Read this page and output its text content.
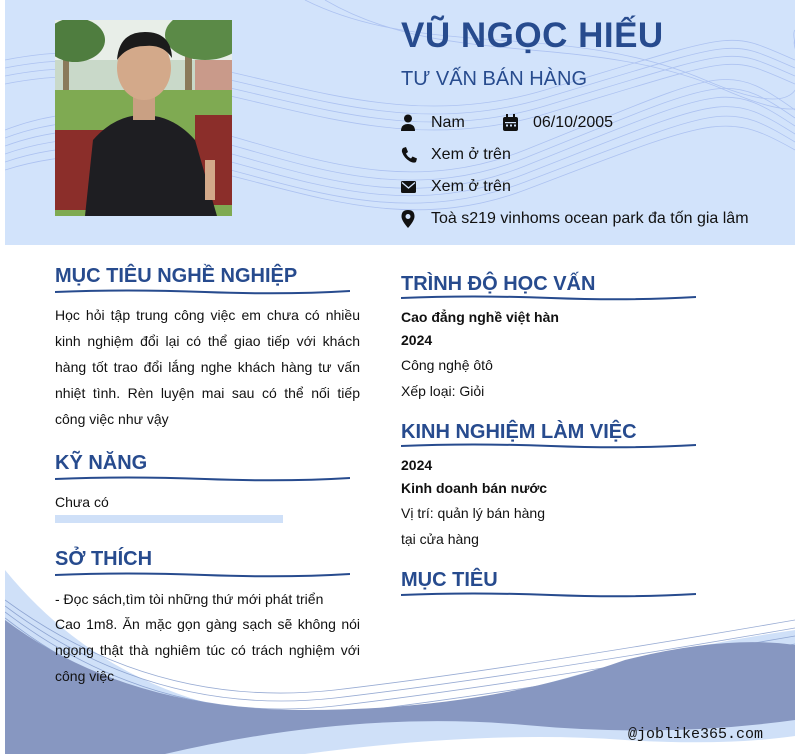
VŨ NGỌC HIẾU
TƯ VẤN BÁN HÀNG
Nam	06/10/2005
Xem ở trên
Xem ở trên
Toà s219 vinhoms ocean park đa tốn gia lâm
MỤC TIÊU NGHỀ NGHIỆP
Học hỏi tập trung công việc em chưa có nhiều kinh nghiệm đổi lại có thể giao tiếp với khách hàng tốt trao đổi lắng nghe khách hàng tư vấn nhiệt tình. Rèn luyện mai sau có thể nối tiếp công việc như vậy
KỸ NĂNG
Chưa có
SỞ THÍCH
- Đọc sách,tìm tòi những thứ mới phát triển
Cao 1m8. Ăn mặc gọn gàng sạch sẽ không nói ngọng thật thà nghiêm túc có trách nghiệm với công việc
TRÌNH ĐỘ HỌC VẤN
Cao đẳng nghề việt hàn
2024
Công nghệ ôtô
Xếp loại: Giỏi
KINH NGHIỆM LÀM VIỆC
2024
Kinh doanh bán nước
Vị trí: quản lý bán hàng
tại cửa hàng
MỤC TIÊU
@joblike365.com
